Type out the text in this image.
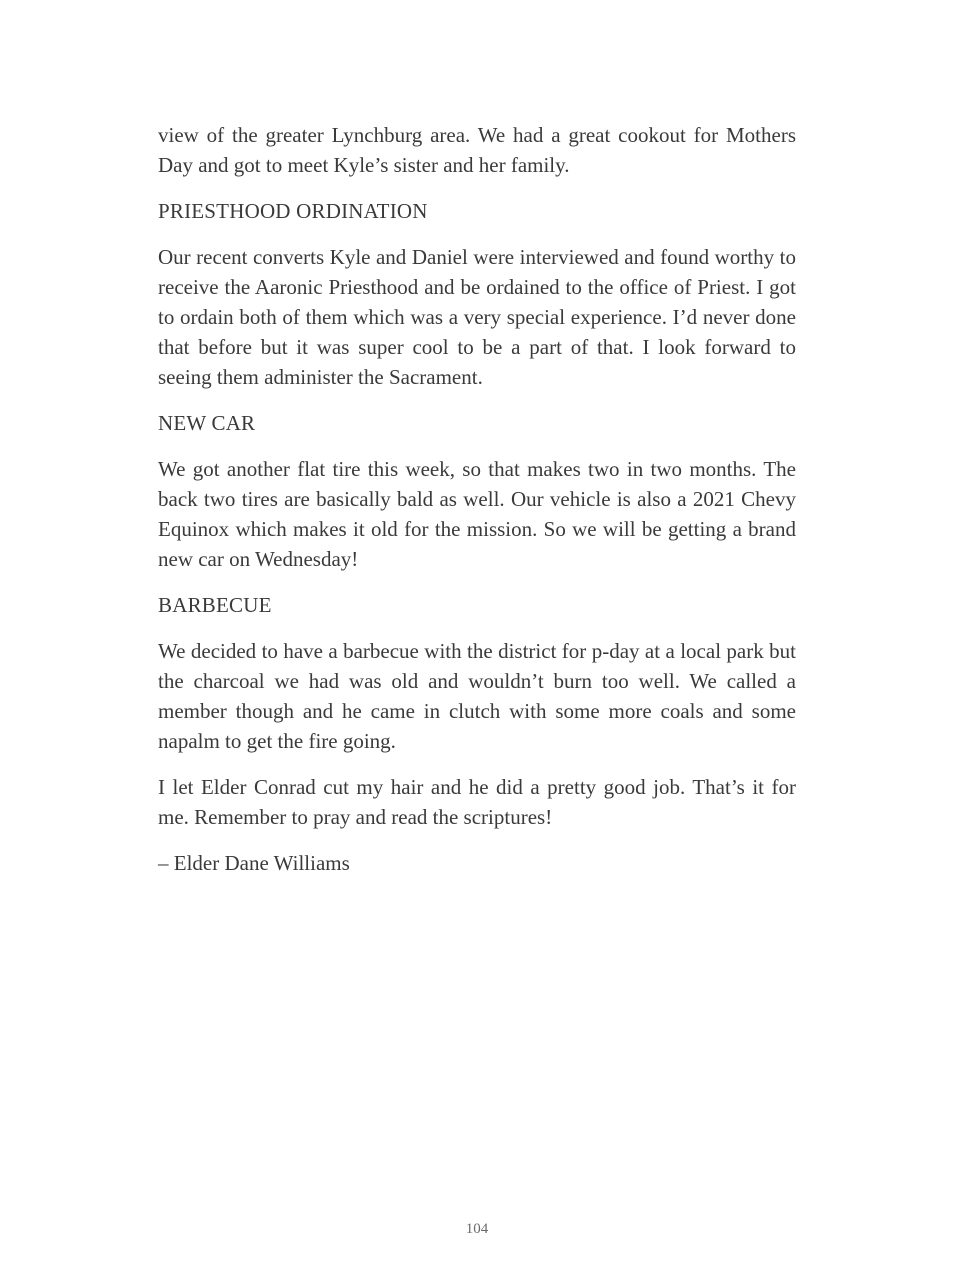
view of the greater Lynchburg area. We had a great cookout for Mothers Day and got to meet Kyle’s sister and her family.

PRIESTHOOD ORDINATION

Our recent converts Kyle and Daniel were interviewed and found worthy to receive the Aaronic Priesthood and be ordained to the office of Priest. I got to ordain both of them which was a very special experience. I’d never done that before but it was super cool to be a part of that. I look forward to seeing them administer the Sacrament.

NEW CAR

We got another flat tire this week, so that makes two in two months. The back two tires are basically bald as well. Our vehicle is also a 2021 Chevy Equinox which makes it old for the mission. So we will be getting a brand new car on Wednesday!

BARBECUE

We decided to have a barbecue with the district for p-day at a local park but the charcoal we had was old and wouldn’t burn too well. We called a member though and he came in clutch with some more coals and some napalm to get the fire going.

I let Elder Conrad cut my hair and he did a pretty good job. That’s it for me. Remember to pray and read the scriptures!

– Elder Dane Williams

104
